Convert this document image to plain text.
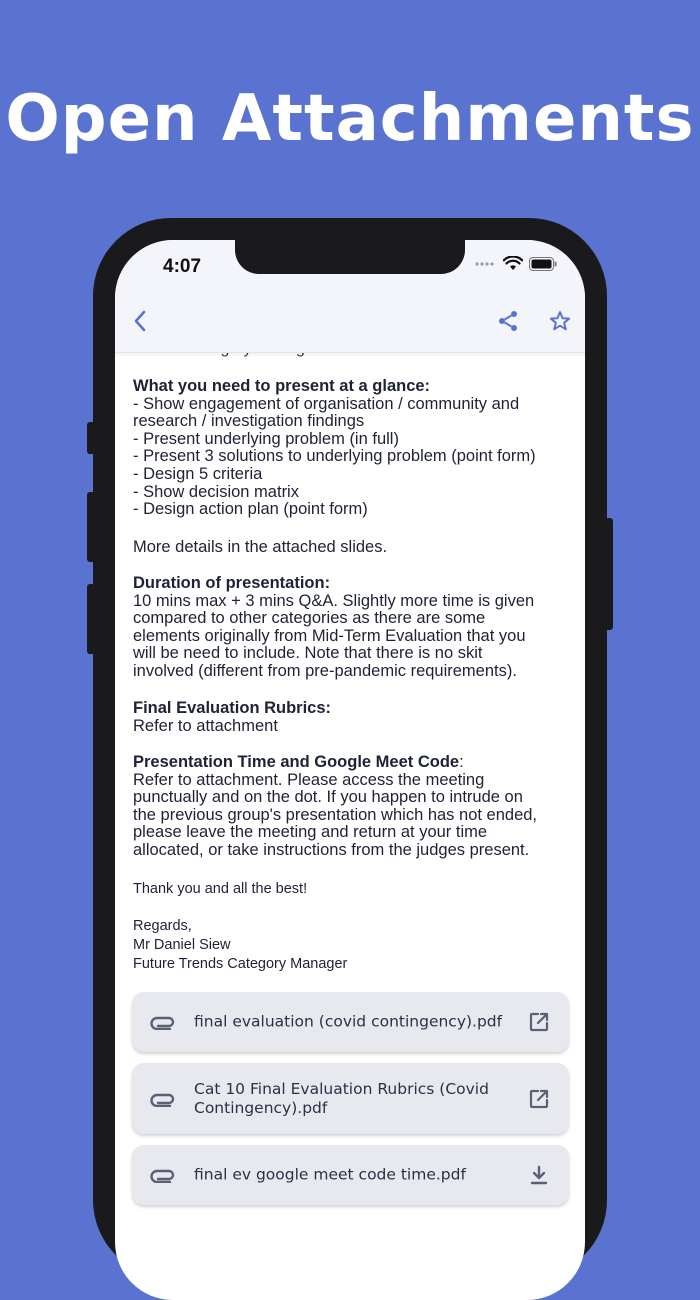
Open Attachments
What you need to present at a glance:
- Show engagement of organisation / community and
research / investigation findings
- Present underlying problem (in full)
- Present 3 solutions to underlying problem (point form)
- Design 5 criteria
- Show decision matrix
- Design action plan (point form)
More details in the attached slides.
Duration of presentation:
10 mins max + 3 mins Q&A. Slightly more time is given
compared to other categories as there are some
elements originally from Mid-Term Evaluation that you
will be need to include. Note that there is no skit
involved (different from pre-pandemic requirements).
Final Evaluation Rubrics:
Refer to attachment
Presentation Time and Google Meet Code:
Refer to attachment. Please access the meeting
punctually and on the dot. If you happen to intrude on
the previous group's presentation which has not ended,
please leave the meeting and return at your time
allocated, or take instructions from the judges present.
Thank you and all the best!
Regards,
Mr Daniel Siew
Future Trends Category Manager
final evaluation (covid contingency).pdf
Cat 10 Final Evaluation Rubrics (Covid Contingency).pdf
final ev google meet code time.pdf
4:07
